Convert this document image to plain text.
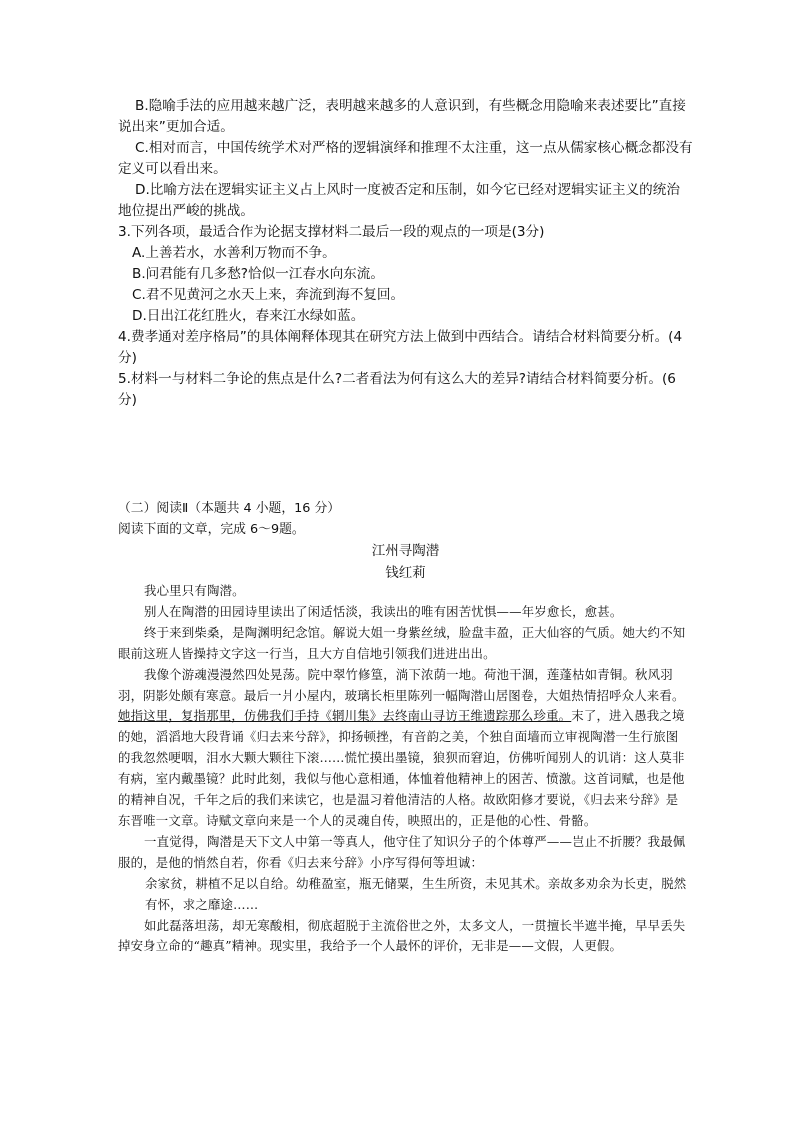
B.隐喻手法的应用越来越广泛，表明越来越多的人意识到，有些概念用隐喻来表述要比”直接说出来”更加合适。

C.相对而言，中国传统学术对严格的逻辑演绎和推理不太注重，这一点从儒家核心概念都没有定义可以看出来。

D.比喻方法在逻辑实证主义占上风时一度被否定和压制，如今它已经对逻辑实证主义的统治地位提出严峻的挑战。

3.下列各项，最适合作为论据支撑材料二最后一段的观点的一项是(3分)

A.上善若水，水善利万物而不争。

B.问君能有几多愁?恰似一江春水向东流。

C.君不见黄河之水天上来，奔流到海不复回。

D.日出江花红胜火，春来江水绿如蓝。

4.费孝通对差序格局”的具体阐释体现其在研究方法上做到中西结合。请结合材料简要分析。(4分)

5.材料一与材料二争论的焦点是什么?二者看法为何有这么大的差异?请结合材料简要分析。(6分)

（二）阅读Ⅱ（本题共 4 小题，16 分）

阅读下面的文章，完成 6～9题。

江州寻陶潜

钱红莉

我心里只有陶潜。

别人在陶潜的田园诗里读出了闲适恬淡，我读出的唯有困苦忧惧——年岁愈长，愈甚。

终于来到柴桑，是陶渊明纪念馆。解说大姐一身紫丝绒，脸盘丰盈，正大仙容的气质。她大约不知眼前这班人皆操持文字这一行当，且大方自信地引领我们进进出出。

我像个游魂漫漫然四处晃荡。院中翠竹修篁，淌下浓荫一地。荷池干涸，莲蓬枯如青铜。秋风羽羽，阴影处颇有寒意。最后一爿小屋内，玻璃长柜里陈列一幅陶潜山居图卷，大姐热情招呼众人来看。她指这里，复指那里，仿佛我们手持《辋川集》去终南山寻访王维遗踪那么珍重。末了，进入愚我之境的她，滔滔地大段背诵《归去来兮辞》，抑扬顿挫，有音韵之美，个独自面墙而立审视陶潜一生行旅图的我忽然哽咽，泪水大颗大颗往下滚……慌忙摸出墨镜，狼狈而窘迫，仿佛听闻别人的讥诮：这人莫非有病，室内戴墨镜？此时此刻，我似与他心意相通，体恤着他精神上的困苦、愤激。这首词赋，也是他的精神自况，千年之后的我们来读它，也是温习着他清洁的人格。故欧阳修才要说，《归去来兮辞》是东晋唯一文章。诗赋文章向来是一个人的灵魂自传，映照出的，正是他的心性、骨骼。

一直觉得，陶潜是天下文人中第一等真人，他守住了知识分子的个体尊严——岂止不折腰？我最佩服的，是他的悄然自若，你看《归去来兮辞》小序写得何等坦诚：

余家贫，耕植不足以自给。幼稚盈室，瓶无储粟，生生所资，未见其术。亲故多劝余为长吏，脱然有怀，求之靡途……

如此磊落坦荡，却无寒酸相，彻底超脱于主流俗世之外，太多文人，一贯擅长半遮半掩，早早丢失掉安身立命的“趣真”精神。现实里，我给予一个人最怀的评价，无非是——文假，人更假。
